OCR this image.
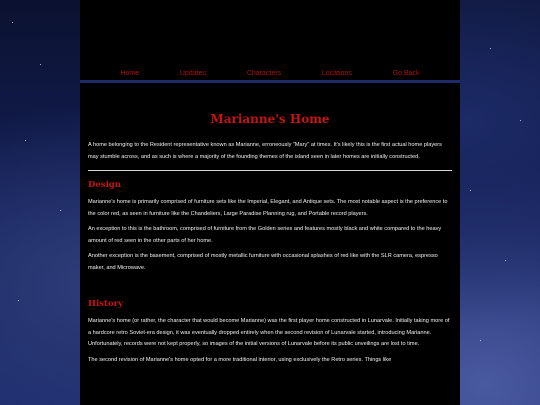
Home	Updates	Characters	Locations	Go Back
Marianne's Home

A home belonging to the Resident representative known as Marianne, erroneously "Mary" at times. It's likely this is the first actual home players may stumble across, and as such is where a majority of the founding themes of the island seen in later homes are initially constructed.

Design

Marianne's home is primarily comprised of furniture sets like the Imperial, Elegant, and Antique sets. The most notable aspect is the preference to the color red, as seen in furniture like the Chandeliers, Large Paradise Planning rug, and Portable record players.

An exception to this is the bathroom, comprised of furniture from the Golden series and features mostly black and white compared to the heavy amount of red seen in the other parts of her home.

Another exception is the basement, comprised of mostly metallic furniture with occasional splashes of red like with the SLR camera, espresso maker, and Microwave.

History

Marianne's home (or rather, the character that would become Marianne) was the first player home constructed in Lunarvale. Initially taking more of a hardcore retro Soviet-era design, it was eventually dropped entirely when the second revision of Lunarvale started, introducing Marianne. Unfortunately, records were not kept properly, so images of the initial versions of Lunarvale before its public unveilings are lost to time.

The second revision of Marianne's home opted for a more traditional interior, using exclusively the Retro series. Things like
